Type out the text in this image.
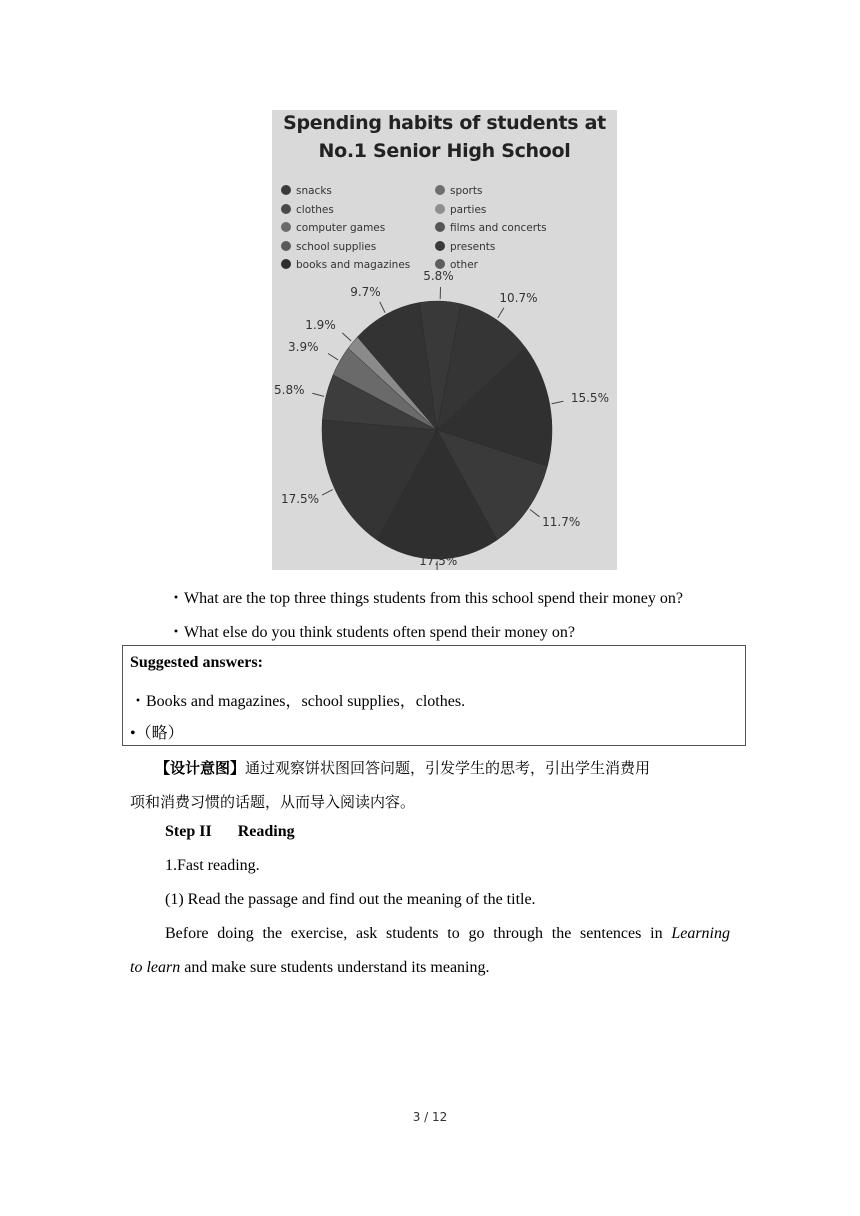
Spending habits of students at
No.1 Senior High School
snacks
clothes
computer games
school supplies
books and magazines
sports
parties
films and concerts
presents
other
10.7%
15.5%
11.7%
17.5%
17.5%
5.8%
3.9%
1.9%
9.7%
5.8%
・What are the top three things students from this school spend their money on?
・What else do you think students often spend their money on?
Suggested answers:
・Books and magazines，school supplies，clothes.
•（略）
【设计意图】通过观察饼状图回答问题，引发学生的思考，引出学生消费用
项和消费习惯的话题，从而导入阅读内容。
Step II Reading
1.Fast reading.
(1) Read the passage and find out the meaning of the title.
Before doing the exercise, ask students to go through the sentences in Learning
to learn and make sure students understand its meaning.
3 / 12
